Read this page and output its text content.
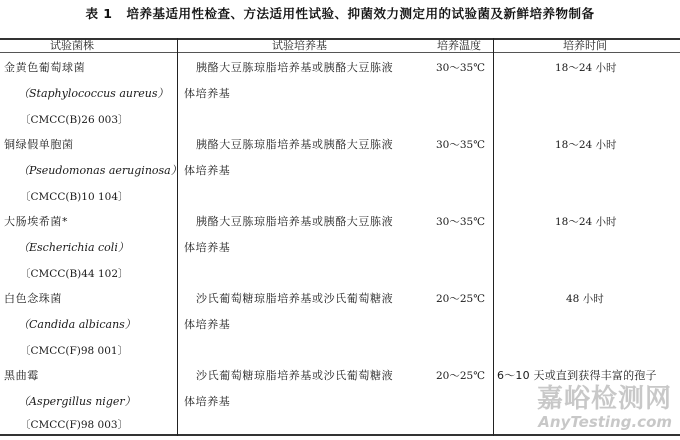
表 1 培养基适用性检查、方法适用性试验、抑菌效力测定用的试验菌及新鲜培养物制备
试验菌株	试验培养基	培养温度	培养时间
金黄色葡萄球菌
（Staphylococcus aureus）
〔CMCC(B)26 003〕
胰酪大豆胨琼脂培养基或胰酪大豆胨液
体培养基
30～35℃	18～24 小时
铜绿假单胞菌
（Pseudomonas aeruginosa）
〔CMCC(B)10 104〕
胰酪大豆胨琼脂培养基或胰酪大豆胨液
体培养基
30～35℃	18～24 小时
大肠埃希菌*
（Escherichia coli）
〔CMCC(B)44 102〕
胰酪大豆胨琼脂培养基或胰酪大豆胨液
体培养基
30～35℃	18～24 小时
白色念珠菌
（Candida albicans）
〔CMCC(F)98 001〕
沙氏葡萄糖琼脂培养基或沙氏葡萄糖液
体培养基
20～25℃	48 小时
黑曲霉
（Aspergillus niger）
〔CMCC(F)98 003〕
沙氏葡萄糖琼脂培养基或沙氏葡萄糖液
体培养基
20～25℃ 6～10 天或直到获得丰富的孢子
嘉峪检测网
AnyTesting.com
